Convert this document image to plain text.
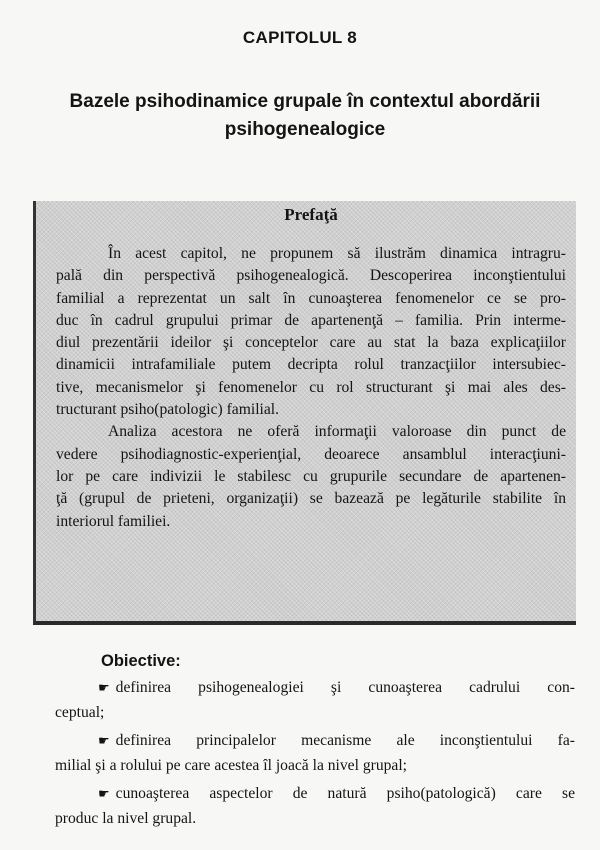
CAPITOLUL 8
Bazele psihodinamice grupale în contextul abordării
psihogenealogice
Prefaţă
În acest capitol, ne propunem să ilustrăm dinamica intragru-
pală din perspectivă psihogenealogică. Descoperirea inconştientului
familial a reprezentat un salt în cunoaşterea fenomenelor ce se pro-
duc în cadrul grupului primar de apartenenţă – familia. Prin interme-
diul prezentării ideilor şi conceptelor care au stat la baza explicaţiilor
dinamicii intrafamiliale putem decripta rolul tranzacţiilor intersubiec-
tive, mecanismelor şi fenomenelor cu rol structurant şi mai ales des-
tructurant psiho(patologic) familial.
Analiza acestora ne oferă informaţii valoroase din punct de
vedere psihodiagnostic-experienţial, deoarece ansamblul interacţiuni-
lor pe care indivizii le stabilesc cu grupurile secundare de apartenen-
ţă (grupul de prieteni, organizaţii) se bazează pe legăturile stabilite în
interiorul familiei.
Obiective:
☛ definirea psihogenealogiei şi cunoaşterea cadrului con-
ceptual;
☛ definirea principalelor mecanisme ale inconştientului fa-
milial şi a rolului pe care acestea îl joacă la nivel grupal;
☛ cunoaşterea aspectelor de natură psiho(patologică) care se
produc la nivel grupal.
